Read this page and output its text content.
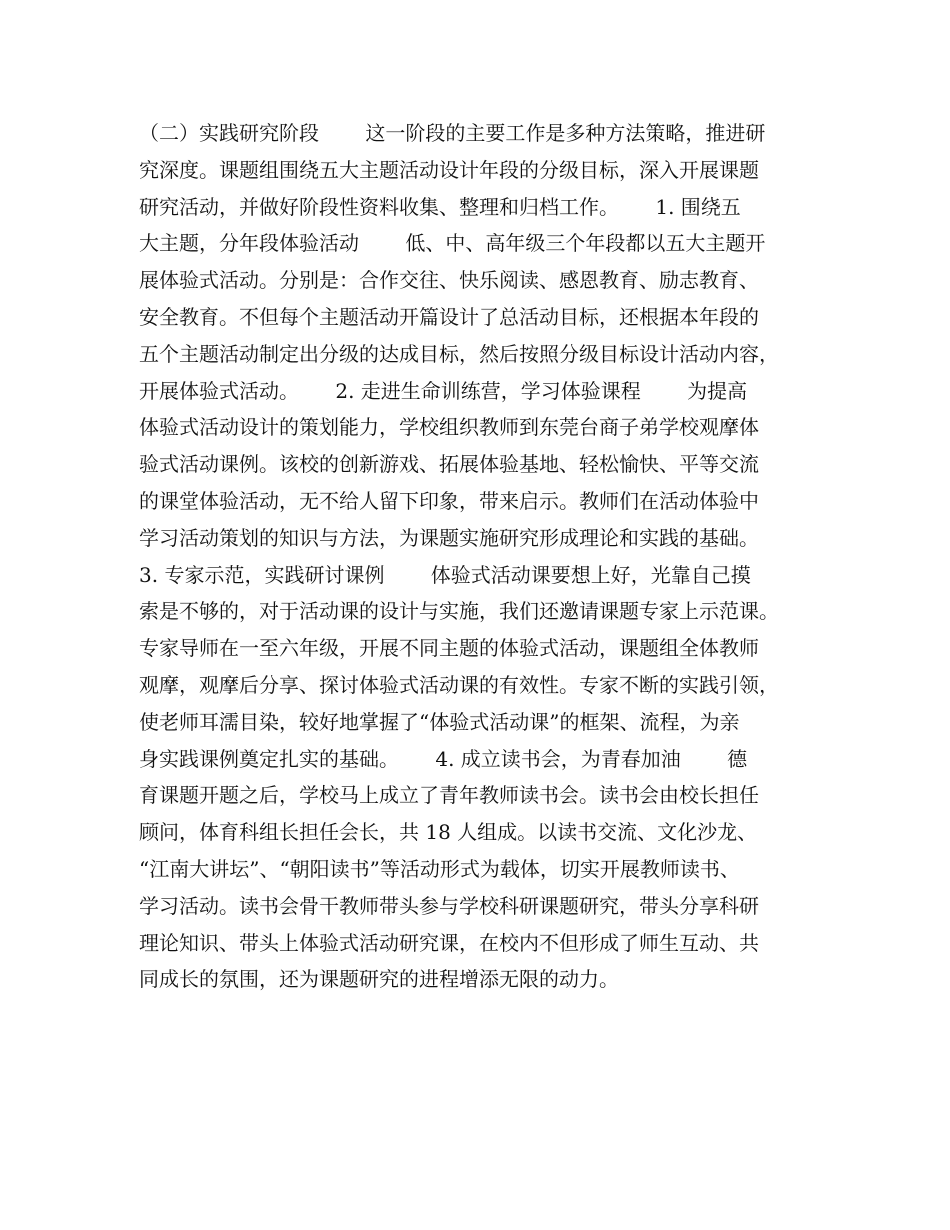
（二）实践研究阶段　　 这一阶段的主要工作是多种方法策略，推进研
究深度。课题组围绕五大主题活动设计年段的分级目标，深入开展课题
研究活动，并做好阶段性资料收集、整理和归档工作。　　 1. 围绕五
大主题，分年段体验活动　　 低、中、高年级三个年段都以五大主题开
展体验式活动。分别是：合作交往、快乐阅读、感恩教育、励志教育、
安全教育。不但每个主题活动开篇设计了总活动目标，还根据本年段的
五个主题活动制定出分级的达成目标，然后按照分级目标设计活动内容，
开展体验式活动。　　 2. 走进生命训练营，学习体验课程　　 为提高
体验式活动设计的策划能力，学校组织教师到东莞台商子弟学校观摩体
验式活动课例。该校的创新游戏、拓展体验基地、轻松愉快、平等交流
的课堂体验活动，无不给人留下印象，带来启示。教师们在活动体验中
学习活动策划的知识与方法，为课题实施研究形成理论和实践的基础。
3. 专家示范，实践研讨课例　　 体验式活动课要想上好，光靠自己摸
索是不够的，对于活动课的设计与实施，我们还邀请课题专家上示范课。
专家导师在一至六年级，开展不同主题的体验式活动，课题组全体教师
观摩，观摩后分享、探讨体验式活动课的有效性。专家不断的实践引领，
使老师耳濡目染，较好地掌握了“体验式活动课”的框架、流程，为亲
身实践课例奠定扎实的基础。　　 4. 成立读书会，为青春加油　　 德
育课题开题之后，学校马上成立了青年教师读书会。读书会由校长担任
顾问，体育科组长担任会长，共 18 人组成。以读书交流、文化沙龙、
“江南大讲坛”、“朝阳读书”等活动形式为载体，切实开展教师读书、
学习活动。读书会骨干教师带头参与学校科研课题研究，带头分享科研
理论知识、带头上体验式活动研究课，在校内不但形成了师生互动、共
同成长的氛围，还为课题研究的进程增添无限的动力。
